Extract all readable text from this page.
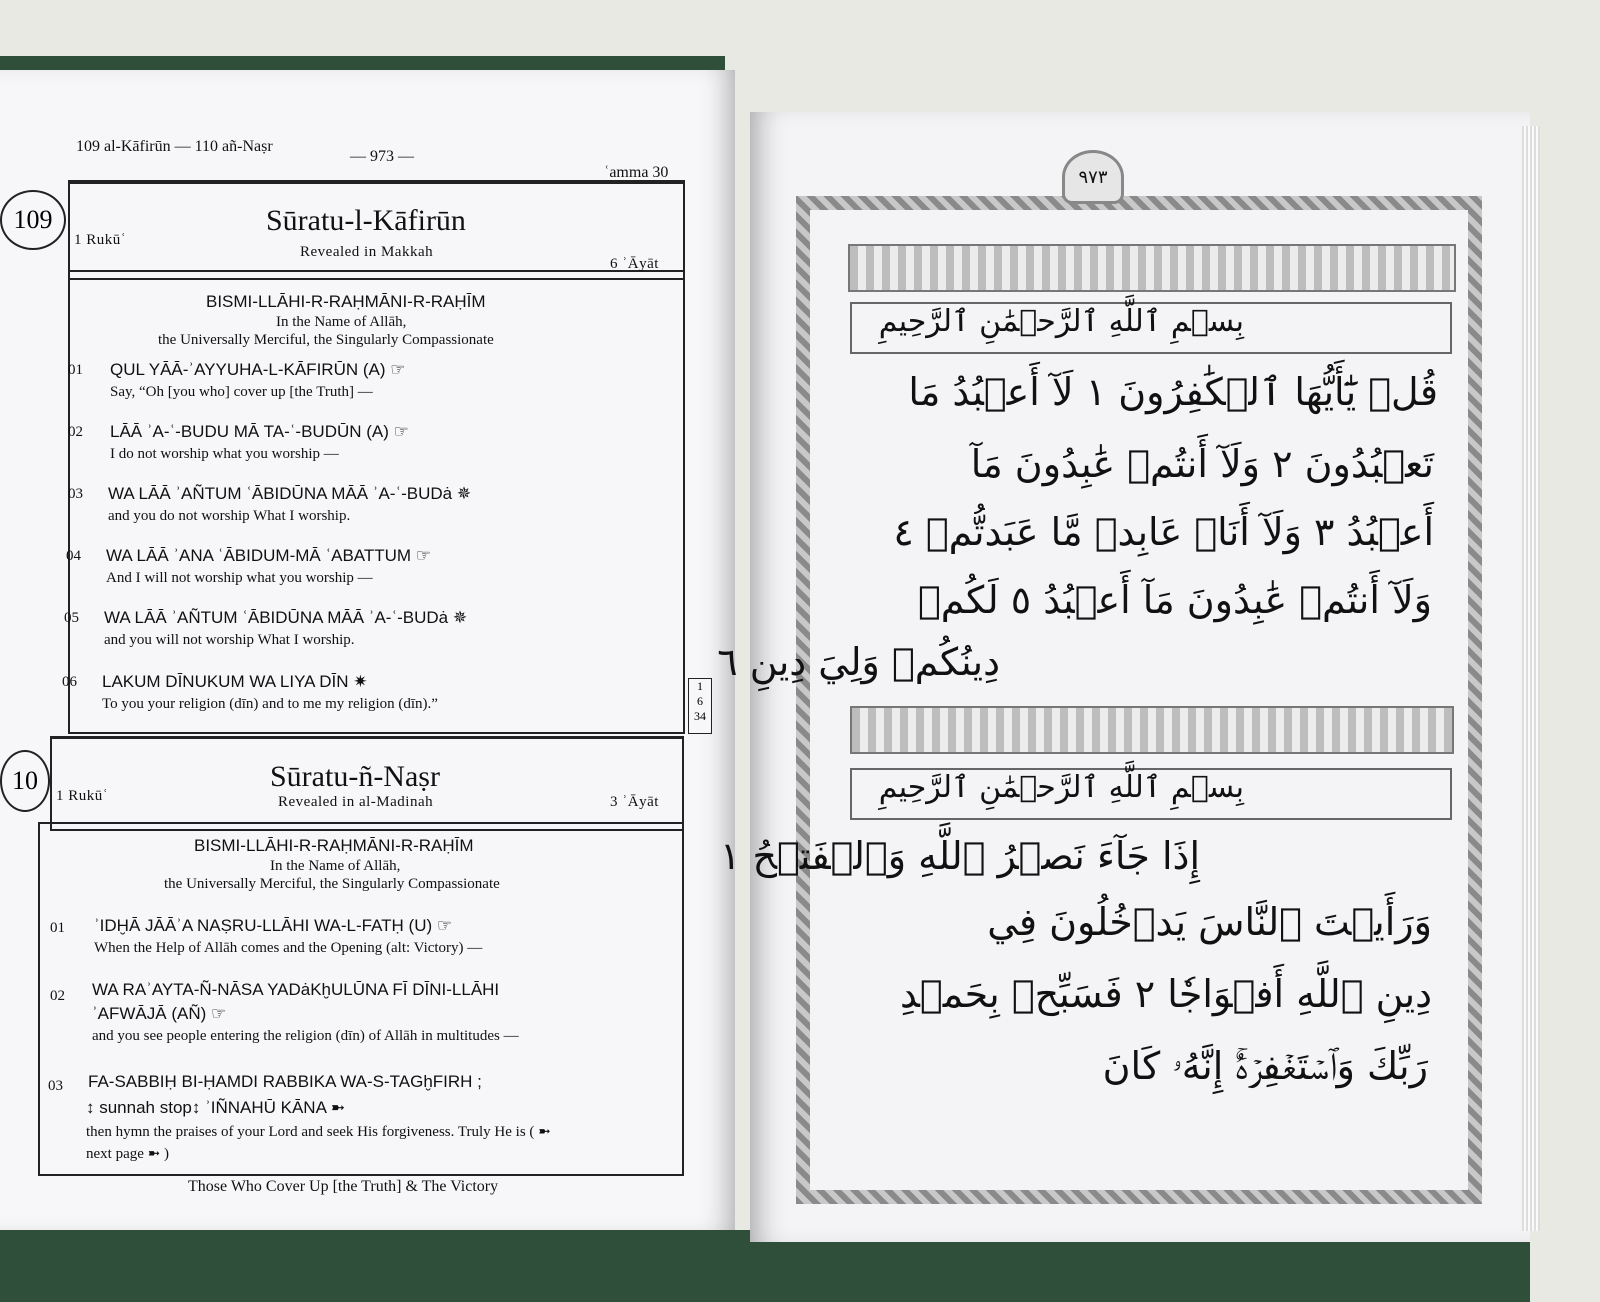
109 al-Kāfirūn — 110 añ-Naṣr
— 973 —
ʿamma 30
109	Sūratu-l-Kāfirūn
1 Rukūʿ
Revealed in Makkah
6 ʾĀyāt
BISMI-LLĀHI-R-RAḤMĀNI-R-RAḤĪM
In the Name of Allāh,
the Universally Merciful, the Singularly Compassionate
01 QUL YĀĀ-ʾAYYUHA-L-KĀFIRŪN (A) ☞
Say, “Oh [you who] cover up [the Truth] —
02 LĀĀ ʾA-ʿ-BUDU MĀ TA-ʿ-BUDŪN (A) ☞
I do not worship what you worship —
03 WA LĀĀ ʾAÑTUM ʿĀBIDŪNA MĀĀ ʾA-ʿ-BUDȧ ✵
and you do not worship What I worship.
04 WA LĀĀ ʾANA ʿĀBIDUM-MĀ ʿABATTUM ☞
And I will not worship what you worship —
05 WA LĀĀ ʾAÑTUM ʿĀBIDŪNA MĀĀ ʾA-ʿ-BUDȧ ✵
and you will not worship What I worship.
06 LAKUM DĪNUKUM WA LIYA DĪN ✷
To you your religion (dīn) and to me my religion (dīn).”
1
6
34
10	Sūratu-ñ-Naṣr
1 Rukūʿ	Revealed in al-Madinah	3 ʾĀyāt
BISMI-LLĀHI-R-RAḤMĀNI-R-RAḤĪM
In the Name of Allāh,
the Universally Merciful, the Singularly Compassionate
01 ʾIDḪĀ JĀĀʾA NAṢRU-LLĀHI WA-L-FATḤ (U) ☞
When the Help of Allāh comes and the Opening (alt: Victory) —
02 WA RAʾAYTA-Ñ-NĀSA YADȧKḫULŪNA FĪ DĪNI-LLĀHI
ʾAFWĀJĀ (AÑ) ☞
and you see people entering the religion (dīn) of Allāh in multitudes —
03 FA-SABBIḤ BI-ḤAMDI RABBIKA WA-S-TAGḫFIRH ;
↕ sunnah stop↕ ʾIÑNAHŪ KĀNA ➼
then hymn the praises of your Lord and seek His forgiveness. Truly He is ( ➼
next page ➼ )
Those Who Cover Up [the Truth] & The Victory
٩٧٣
بِسۡمِ ٱللَّهِ ٱلرَّحۡمَٰنِ ٱلرَّحِيمِ
قُلۡ يَٰٓأَيُّهَا ٱلۡكَٰفِرُونَ ١ لَآ أَعۡبُدُ مَا
تَعۡبُدُونَ ٢ وَلَآ أَنتُمۡ عَٰبِدُونَ مَآ
أَعۡبُدُ ٣ وَلَآ أَنَا۠ عَابِدٞ مَّا عَبَدتُّمۡ ٤
وَلَآ أَنتُمۡ عَٰبِدُونَ مَآ أَعۡبُدُ ٥ لَكُمۡ
دِينُكُمۡ وَلِيَ دِينِ ٦
بِسۡمِ ٱللَّهِ ٱلرَّحۡمَٰنِ ٱلرَّحِيمِ
إِذَا جَآءَ نَصۡرُ ٱللَّهِ وَٱلۡفَتۡحُ ١
وَرَأَيۡتَ ٱلنَّاسَ يَدۡخُلُونَ فِي
دِينِ ٱللَّهِ أَفۡوَاجٗا ٢ فَسَبِّحۡ بِحَمۡدِ
رَبِّكَ وَٱسۡتَغۡفِرۡهُۚ إِنَّهُۥ كَانَ
